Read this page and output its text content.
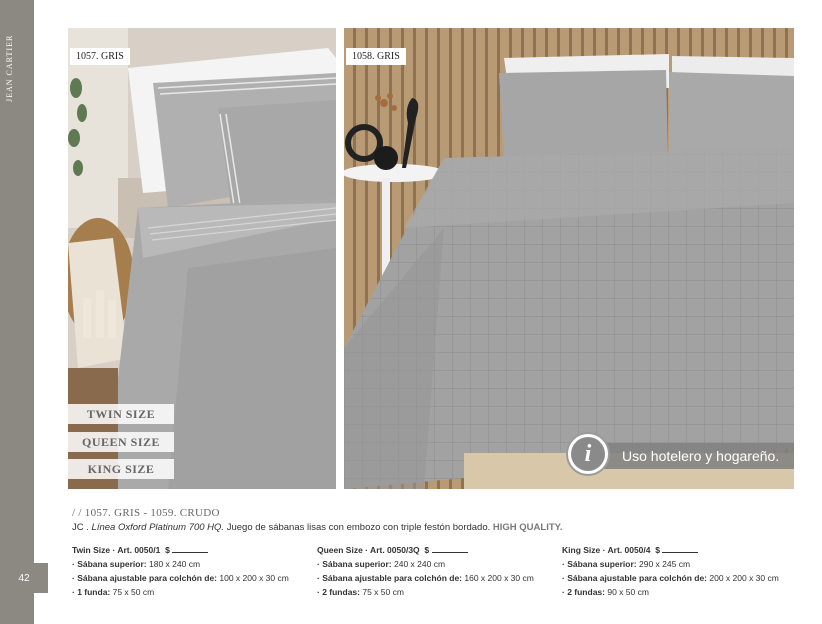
JEAN CARTIER
42
1057. GRIS
TWIN SIZE
QUEEN SIZE
KING SIZE
1058. GRIS
Uso hotelero y hogareño.
i
/ / 1057. GRIS - 1059. CRUDO
JC . Línea Oxford Platinum 700 HQ. Juego de sábanas lisas con embozo con triple festón bordado. HIGH QUALITY.
Twin Size · Art. 0050/1 $
· Sábana superior: 180 x 240 cm
· Sábana ajustable para colchón de: 100 x 200 x 30 cm
· 1 funda: 75 x 50 cm
Queen Size · Art. 0050/3Q $
· Sábana superior: 240 x 240 cm
· Sábana ajustable para colchón de: 160 x 200 x 30 cm
· 2 fundas: 75 x 50 cm
King Size · Art. 0050/4 $
· Sábana superior: 290 x 245 cm
· Sábana ajustable para colchón de: 200 x 200 x 30 cm
· 2 fundas: 90 x 50 cm
